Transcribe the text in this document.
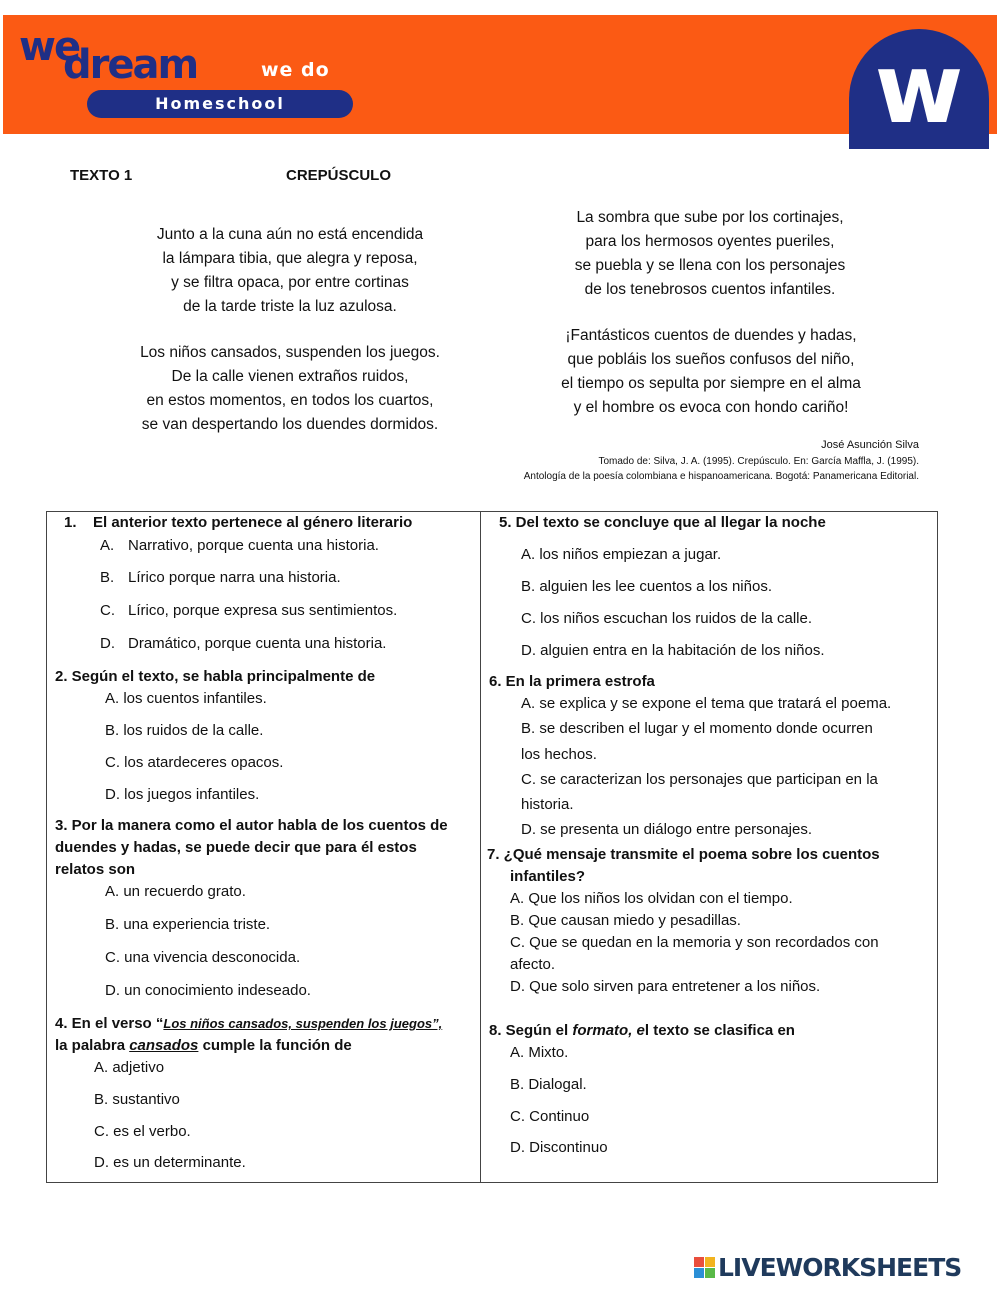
we
dream	we do
Homeschool	w
TEXTO 1	CREPÚSCULO

Junto a la cuna aún no está encendida

la lámpara tibia, que alegra y reposa,

y se filtra opaca, por entre cortinas

de la tarde triste la luz azulosa.

Los niños cansados, suspenden los juegos.

De la calle vienen extraños ruidos,

en estos momentos, en todos los cuartos,

se van despertando los duendes dormidos.

La sombra que sube por los cortinajes,

para los hermosos oyentes pueriles,

se puebla y se llena con los personajes

de los tenebrosos cuentos infantiles.

¡Fantásticos cuentos de duendes y hadas,

que pobláis los sueños confusos del niño,

el tiempo os sepulta por siempre en el alma

y el hombre os evoca con hondo cariño!

José Asunción Silva
Tomado de: Silva, J. A. (1995). Crepúsculo. En: García Maffla, J. (1995).
Antología de la poesía colombiana e hispanoamericana. Bogotá: Panamericana Editorial.
1. El anterior texto pertenece al género literario
A. Narrativo, porque cuenta una historia.
B. Lírico porque narra una historia.
C. Lírico, porque expresa sus sentimientos.
D. Dramático, porque cuenta una historia.
2. Según el texto, se habla principalmente de
A. los cuentos infantiles.
B. los ruidos de la calle.
C. los atardeceres opacos.
D. los juegos infantiles.
3. Por la manera como el autor habla de los cuentos de
duendes y hadas, se puede decir que para él estos
relatos son
A. un recuerdo grato.
B. una experiencia triste.
C. una vivencia desconocida.
D. un conocimiento indeseado.
4. En el verso “Los niños cansados, suspenden los juegos”,
la palabra cansados cumple la función de
A. adjetivo
B. sustantivo
C. es el verbo.
D. es un determinante.
5. Del texto se concluye que al llegar la noche
A. los niños empiezan a jugar.
B. alguien les lee cuentos a los niños.
C. los niños escuchan los ruidos de la calle.
D. alguien entra en la habitación de los niños.
6. En la primera estrofa
A. se explica y se expone el tema que tratará el poema.
B. se describen el lugar y el momento donde ocurren
los hechos.
C. se caracterizan los personajes que participan en la
historia.
D. se presenta un diálogo entre personajes.
7. ¿Qué mensaje transmite el poema sobre los cuentos
infantiles?
A. Que los niños los olvidan con el tiempo.
B. Que causan miedo y pesadillas.
C. Que se quedan en la memoria y son recordados con
afecto.
D. Que solo sirven para entretener a los niños.
8. Según el formato, el texto se clasifica en
A. Mixto.
B. Dialogal.
C. Continuo
D. Discontinuo
LIVEWORKSHEETS
